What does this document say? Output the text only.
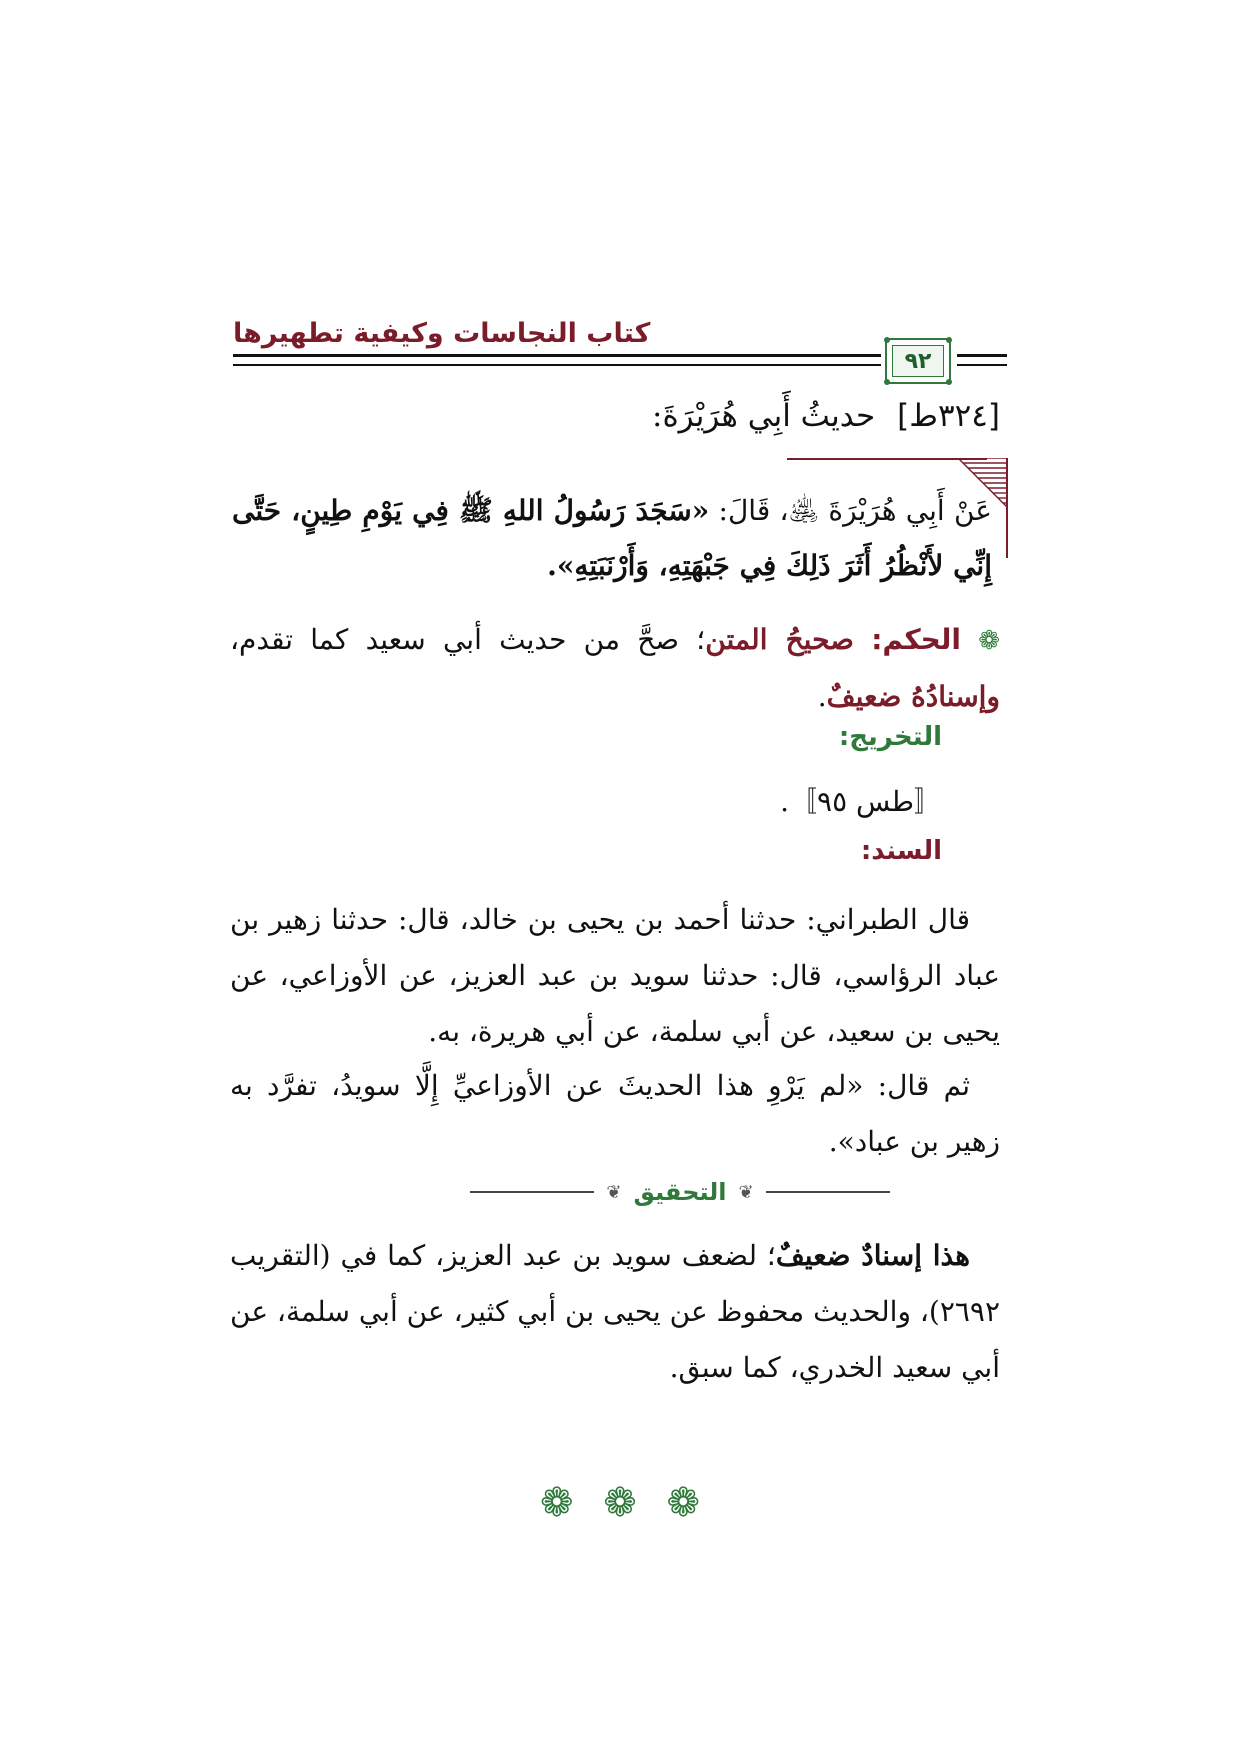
كتاب النجاسات وكيفية تطهيرها
٩٢
[٣٢٤ط]
حديثُ أَبِي هُرَيْرَةَ:
عَنْ أَبِي هُرَيْرَةَ ﵁، قَالَ: «سَجَدَ رَسُولُ اللهِ ﷺ فِي يَوْمِ طِينٍ، حَتَّى إِنِّي لأَنْظُرُ أَثَرَ ذَلِكَ فِي جَبْهَتِهِ، وَأَرْنَبَتِهِ».
❁ الحكم: صحيحُ المتن؛ صحَّ من حديث أبي سعيد كما تقدم، وإسنادُهُ ضعيفٌ.
التخريج:
〚طس ٩٥〛.
السند:
قال الطبراني: حدثنا أحمد بن يحيى بن خالد، قال: حدثنا زهير بن عباد الرؤاسي، قال: حدثنا سويد بن عبد العزيز، عن الأوزاعي، عن يحيى بن سعيد، عن أبي سلمة، عن أبي هريرة، به.
ثم قال: «لم يَرْوِ هذا الحديثَ عن الأوزاعيِّ إِلَّا سويدُ، تفرَّد به زهير بن عباد».
❦ التحقيق ❦
هذا إسنادٌ ضعيفٌ؛ لضعف سويد بن عبد العزيز، كما في (التقريب ٢٦٩٢)، والحديث محفوظ عن يحيى بن أبي كثير، عن أبي سلمة، عن أبي سعيد الخدري، كما سبق.
❁ ❁ ❁
